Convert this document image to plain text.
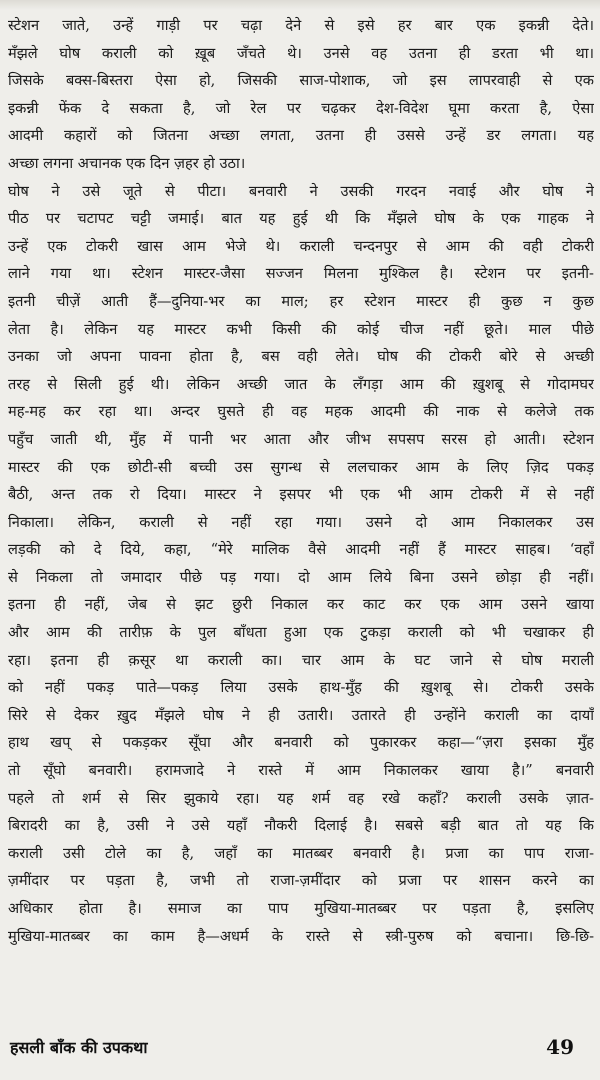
स्टेशन जाते, उन्हें गाड़ी पर चढ़ा देने से इसे हर बार एक इकन्नी देते।
मँझले घोष कराली को ख़ूब जँचते थे। उनसे वह उतना ही डरता भी था।
जिसके बक्स-बिस्तरा ऐसा हो, जिसकी साज-पोशाक, जो इस लापरवाही से एक
इकन्नी फेंक दे सकता है, जो रेल पर चढ़कर देश-विदेश घूमा करता है, ऐसा
आदमी कहारों को जितना अच्छा लगता, उतना ही उससे उन्हें डर लगता। यह
अच्छा लगना अचानक एक दिन ज़हर हो उठा।
घोष ने उसे जूते से पीटा। बनवारी ने उसकी गरदन नवाई और घोष ने
पीठ पर चटापट चट्टी जमाई। बात यह हुई थी कि मँझले घोष के एक गाहक ने
उन्हें एक टोकरी खास आम भेजे थे। कराली चन्दनपुर से आम की वही टोकरी
लाने गया था। स्टेशन मास्टर-जैसा सज्जन मिलना मुश्किल है। स्टेशन पर इतनी-
इतनी चीज़ें आती हैं—दुनिया-भर का माल; हर स्टेशन मास्टर ही कुछ न कुछ
लेता है। लेकिन यह मास्टर कभी किसी की कोई चीज नहीं छूते। माल पीछे
उनका जो अपना पावना होता है, बस वही लेते। घोष की टोकरी बोरे से अच्छी
तरह से सिली हुई थी। लेकिन अच्छी जात के लँगड़ा आम की ख़ुशबू से गोदामघर
मह-मह कर रहा था। अन्दर घुसते ही वह महक आदमी की नाक से कलेजे तक
पहुँच जाती थी, मुँह में पानी भर आता और जीभ सपसप सरस हो आती। स्टेशन
मास्टर की एक छोटी-सी बच्ची उस सुगन्ध से ललचाकर आम के लिए ज़िद पकड़
बैठी, अन्त तक रो दिया। मास्टर ने इसपर भी एक भी आम टोकरी में से नहीं
निकाला। लेकिन, कराली से नहीं रहा गया। उसने दो आम निकालकर उस
लड़की को दे दिये, कहा, “मेरे मालिक वैसे आदमी नहीं हैं मास्टर साहब। ‘वहाँ
से निकला तो जमादार पीछे पड़ गया। दो आम लिये बिना उसने छोड़ा ही नहीं।
इतना ही नहीं, जेब से झट छुरी निकाल कर काट कर एक आम उसने खाया
और आम की तारीफ़ के पुल बाँधता हुआ एक टुकड़ा कराली को भी चखाकर ही
रहा। इतना ही क़सूर था कराली का। चार आम के घट जाने से घोष मराली
को नहीं पकड़ पाते—पकड़ लिया उसके हाथ-मुँह की ख़ुशबू से। टोकरी उसके
सिरे से देकर ख़ुद मँझले घोष ने ही उतारी। उतारते ही उन्होंने कराली का दायाँ
हाथ खप् से पकड़कर सूँघा और बनवारी को पुकारकर कहा—“ज़रा इसका मुँह
तो सूँघो बनवारी। हरामजादे ने रास्ते में आम निकालकर खाया है।” बनवारी
पहले तो शर्म से सिर झुकाये रहा। यह शर्म वह रखे कहाँ? कराली उसके ज़ात-
बिरादरी का है, उसी ने उसे यहाँ नौकरी दिलाई है। सबसे बड़ी बात तो यह कि
कराली उसी टोले का है, जहाँ का मातब्बर बनवारी है। प्रजा का पाप राजा-
ज़मींदार पर पड़ता है, जभी तो राजा-ज़मींदार को प्रजा पर शासन करने का
अधिकार होता है। समाज का पाप मुखिया-मातब्बर पर पड़ता है, इसलिए
मुखिया-मातब्बर का काम है—अधर्म के रास्ते से स्त्री-पुरुष को बचाना। छि-छि-
हसली बाँक की उपकथा	49
